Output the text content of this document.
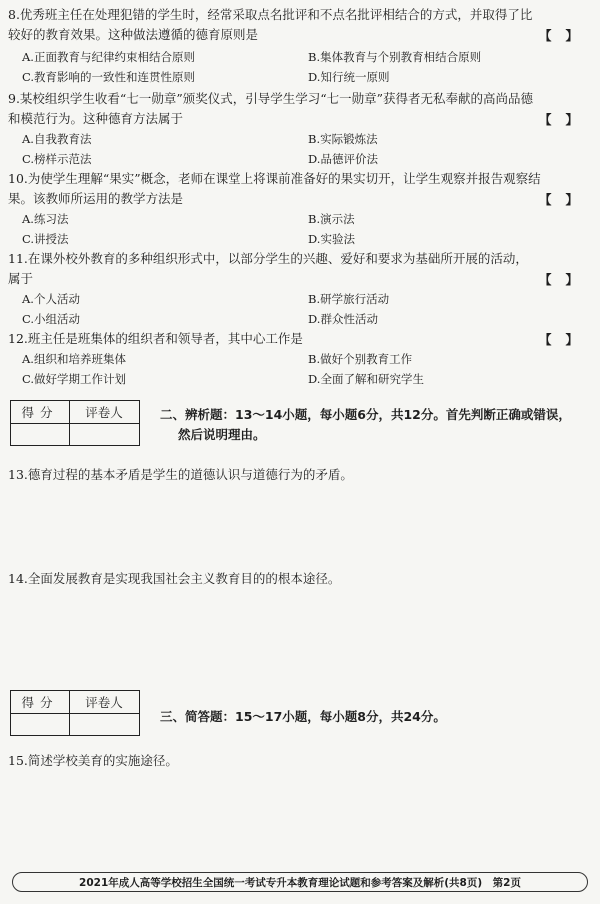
8.优秀班主任在处理犯错的学生时，经常采取点名批评和不点名批评相结合的方式，并取得了比
较好的教育效果。这种做法遵循的德育原则是	【】
A.正面教育与纪律约束相结合原则	B.集体教育与个别教育相结合原则
C.教育影响的一致性和连贯性原则	D.知行统一原则
9.某校组织学生收看“七一勋章”颁奖仪式，引导学生学习“七一勋章”获得者无私奉献的高尚品德
和模范行为。这种德育方法属于	【】
A.自我教育法	B.实际锻炼法
C.榜样示范法	D.品德评价法
10.为使学生理解“果实”概念，老师在课堂上将课前准备好的果实切开，让学生观察并报告观察结
果。该教师所运用的教学方法是	【】
A.练习法	B.演示法
C.讲授法	D.实验法
11.在课外校外教育的多种组织形式中，以部分学生的兴趣、爱好和要求为基础所开展的活动，
属于	【】
A.个人活动	B.研学旅行活动
C.小组活动	D.群众性活动
12.班主任是班集体的组织者和领导者，其中心工作是	【】
A.组织和培养班集体	B.做好个别教育工作
C.做好学期工作计划	D.全面了解和研究学生
得分	评卷人	二、辨析题：13～14小题，每小题6分，共12分。首先判断正确或错误，
然后说明理由。
13.德育过程的基本矛盾是学生的道德认识与道德行为的矛盾。
14.全面发展教育是实现我国社会主义教育目的的根本途径。
得分	评卷人
三、简答题：15～17小题，每小题8分，共24分。
15.简述学校美育的实施途径。
2021年成人高等学校招生全国统一考试专升本教育理论试题和参考答案及解析(共8页)　第2页
